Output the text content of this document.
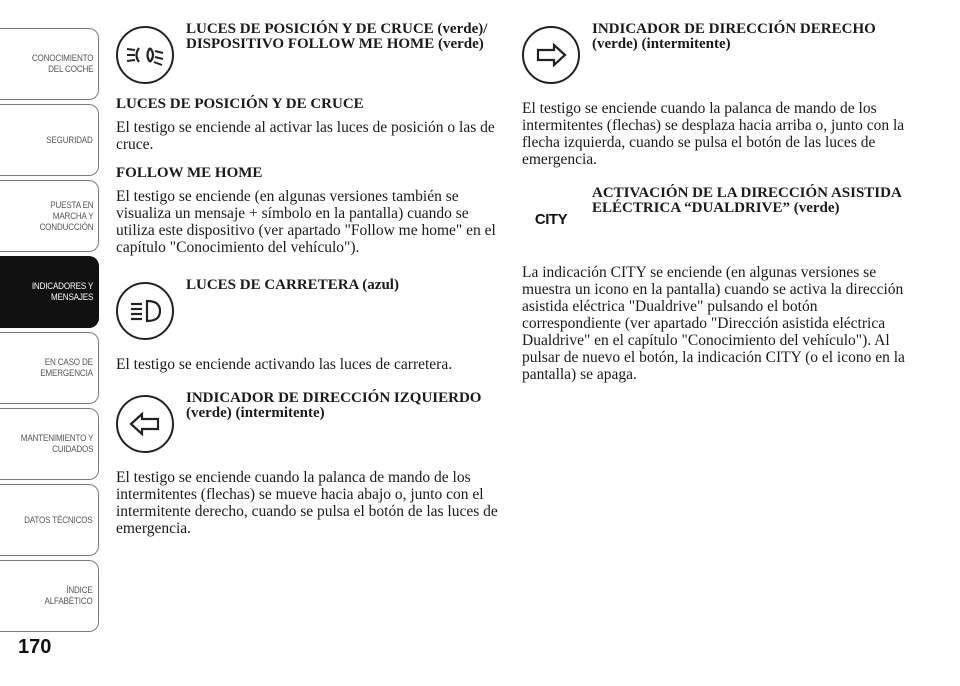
CONOCIMIENTO
DEL COCHE
SEGURIDAD
PUESTA EN
MARCHA Y
CONDUCCIÓN
INDICADORES Y
MENSAJES
EN CASO DE
EMERGENCIA
MANTENIMIENTO Y
CUIDADOS
DATOS TÉCNICOS
ÍNDICE
ALFABÉTICO
170
LUCES DE POSICIÓN Y DE CRUCE (verde)/ DISPOSITIVO FOLLOW ME HOME (verde)
LUCES DE POSICIÓN Y DE CRUCE

El testigo se enciende al activar las luces de posición o las de cruce.

FOLLOW ME HOME

El testigo se enciende (en algunas versiones también se visualiza un mensaje + símbolo en la pantalla) cuando se utiliza este dispositivo (ver apartado "Follow me home" en el capítulo "Conocimiento del vehículo").

LUCES DE CARRETERA (azul)

El testigo se enciende activando las luces de carretera.

INDICADOR DE DIRECCIÓN IZQUIERDO (verde) (intermitente)

El testigo se enciende cuando la palanca de mando de los intermitentes (flechas) se mueve hacia abajo o, junto con el intermitente derecho, cuando se pulsa el botón de las luces de emergencia.

INDICADOR DE DIRECCIÓN DERECHO (verde) (intermitente)

El testigo se enciende cuando la palanca de mando de los intermitentes (flechas) se desplaza hacia arriba o, junto con la flecha izquierda, cuando se pulsa el botón de las luces de emergencia.

CITY
ACTIVACIÓN DE LA DIRECCIÓN ASISTIDA ELÉCTRICA “DUALDRIVE” (verde)

La indicación CITY se enciende (en algunas versiones se muestra un icono en la pantalla) cuando se activa la dirección asistida eléctrica "Dualdrive" pulsando el botón correspondiente (ver apartado "Dirección asistida eléctrica Dualdrive" en el capítulo "Conocimiento del vehículo"). Al pulsar de nuevo el botón, la indicación CITY (o el icono en la pantalla) se apaga.
